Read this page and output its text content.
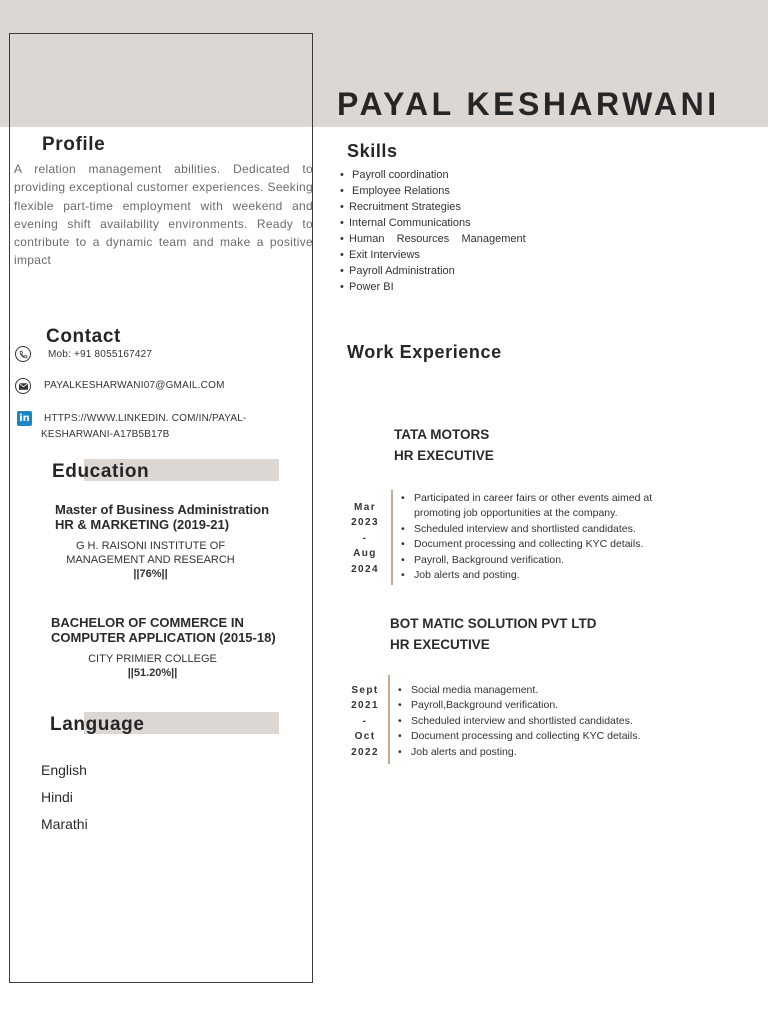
PAYAL KESHARWANI
Profile
A relation management abilities. Dedicated to providing exceptional customer experiences. Seeking flexible part-time employment with weekend and evening shift availability environments. Ready to contribute to a dynamic team and make a positive impact
Skills
• Payroll coordination
• Employee Relations
• Recruitment Strategies
• Internal Communications
• Human    Resources    Management
• Exit Interviews
• Payroll Administration
• Power BI
Contact
Mob: +91 8055167427
PAYALKESHARWANI07@GMAIL.COM
in HTTPS://WWW.LINKEDIN. COM/IN/PAYAL-
KESHARWANI-A17B5B17B
Education
Master of Business Administration
HR & MARKETING (2019-21)
G H. RAISONI INSTITUTE OF
MANAGEMENT AND RESEARCH
||76%||
BACHELOR OF COMMERCE IN
COMPUTER APPLICATION (2015-18)
CITY PRIMIER COLLEGE
||51.20%||
Language
English
Hindi
Marathi
Work Experience
TATA MOTORS
HR EXECUTIVE
Mar
2023
-
Aug
2024
• Participated in career fairs or other events aimed at promoting job opportunities at the company.
• Scheduled interview and shortlisted candidates.
• Document processing and collecting KYC details.
• Payroll, Background verification.
• Job alerts and posting.
BOT MATIC SOLUTION PVT LTD
HR EXECUTIVE
Sept
2021
-
Oct
2022
• Social media management.
• Payroll,Background verification.
• Scheduled interview and shortlisted candidates.
• Document processing and collecting KYC details.
• Job alerts and posting.
